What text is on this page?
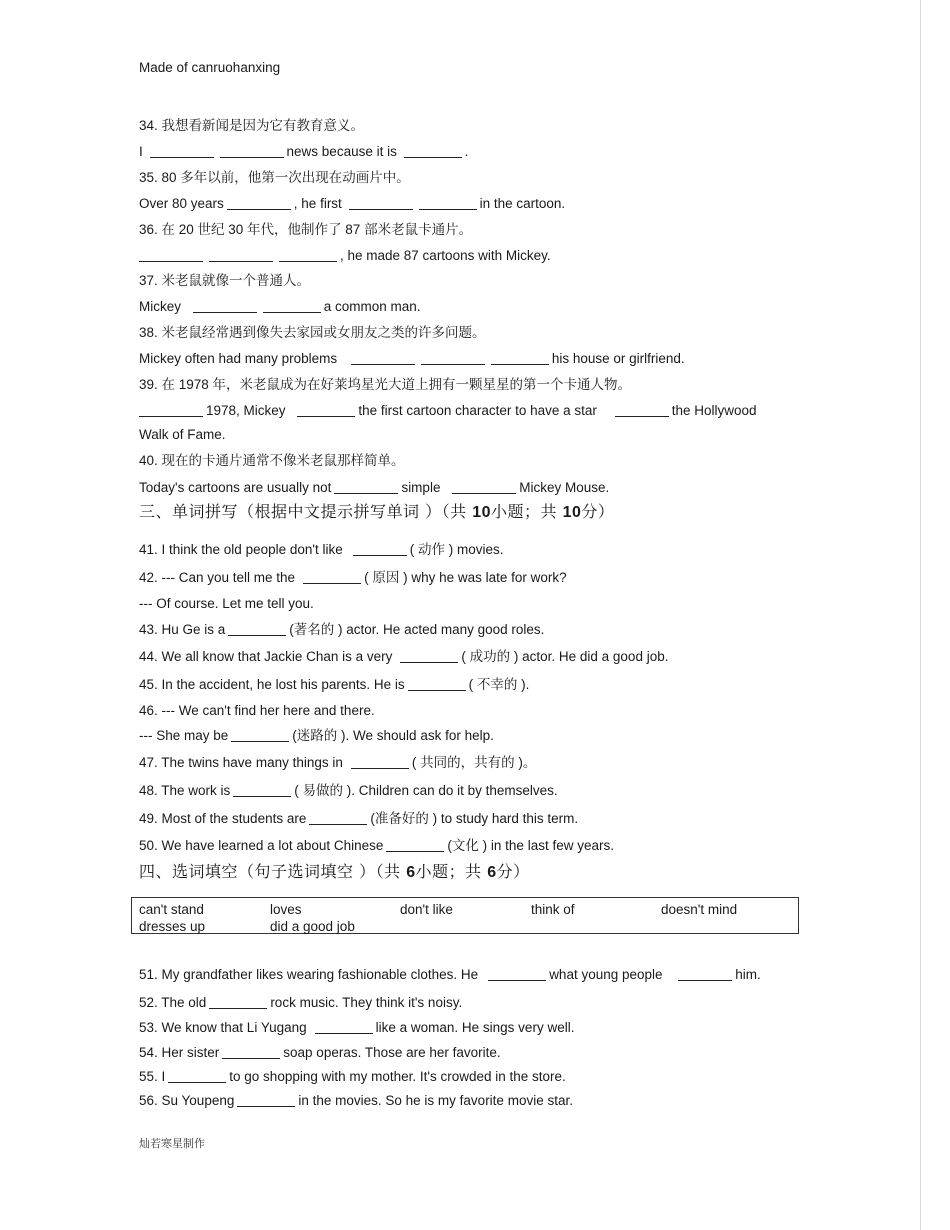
Made of canruohanxing
34. 我想看新闻是因为它有教育意义。
I	news because it is	.
35. 80 多年以前，他第一次出现在动画片中。
Over 80 years	, he first	in the cartoon.
36. 在 20 世纪 30 年代，他制作了 87 部米老鼠卡通片。
, he made 87 cartoons with Mickey.
37. 米老鼠就像一个普通人。
Mickey	a common man.
38. 米老鼠经常遇到像失去家园或女朋友之类的许多问题。
Mickey often had many problems	his house or girlfriend.
39. 在 1978 年，米老鼠成为在好莱坞星光大道上拥有一颗星星的第一个卡通人物。
1978, Mickey	the first cartoon character to have a star	the Hollywood
Walk of Fame.
40. 现在的卡通片通常不像米老鼠那样简单。
Today's cartoons are usually not	simple	Mickey Mouse.
三、单词拼写（根据中文提示拼写单词 ）（共 10小题；共 10分）
41. I think the old people don't like	( 动作 ) movies.
42. --- Can you tell me the	( 原因 ) why he was late for work?
--- Of course. Let me tell you.
43. Hu Ge is a	(著名的 ) actor. He acted many good roles.
44. We all know that Jackie Chan is a very	( 成功的 ) actor. He did a good job.
45. In the accident, he lost his parents. He is	( 不幸的 ).
46. --- We can't find her here and there.
--- She may be	(迷路的 ). We should ask for help.
47. The twins have many things in	( 共同的，共有的 )。
48. The work is	( 易做的 ). Children can do it by themselves.
49. Most of the students are	(准备好的 ) to study hard this term.
50. We have learned a lot about Chinese	(文化 ) in the last few years.
四、选词填空（句子选词填空 ）（共 6小题；共 6分）
can't stand	loves	don't like	think of	doesn't mind
dresses up	did a good job
51. My grandfather likes wearing fashionable clothes. He	what young people	him.
52. The old	rock music. They think it's noisy.
53. We know that Li Yugang	like a woman. He sings very well.
54. Her sister	soap operas. Those are her favorite.
55. I	to go shopping with my mother. It's crowded in the store.
56. Su Youpeng	in the movies. So he is my favorite movie star.
灿若寒星制作
